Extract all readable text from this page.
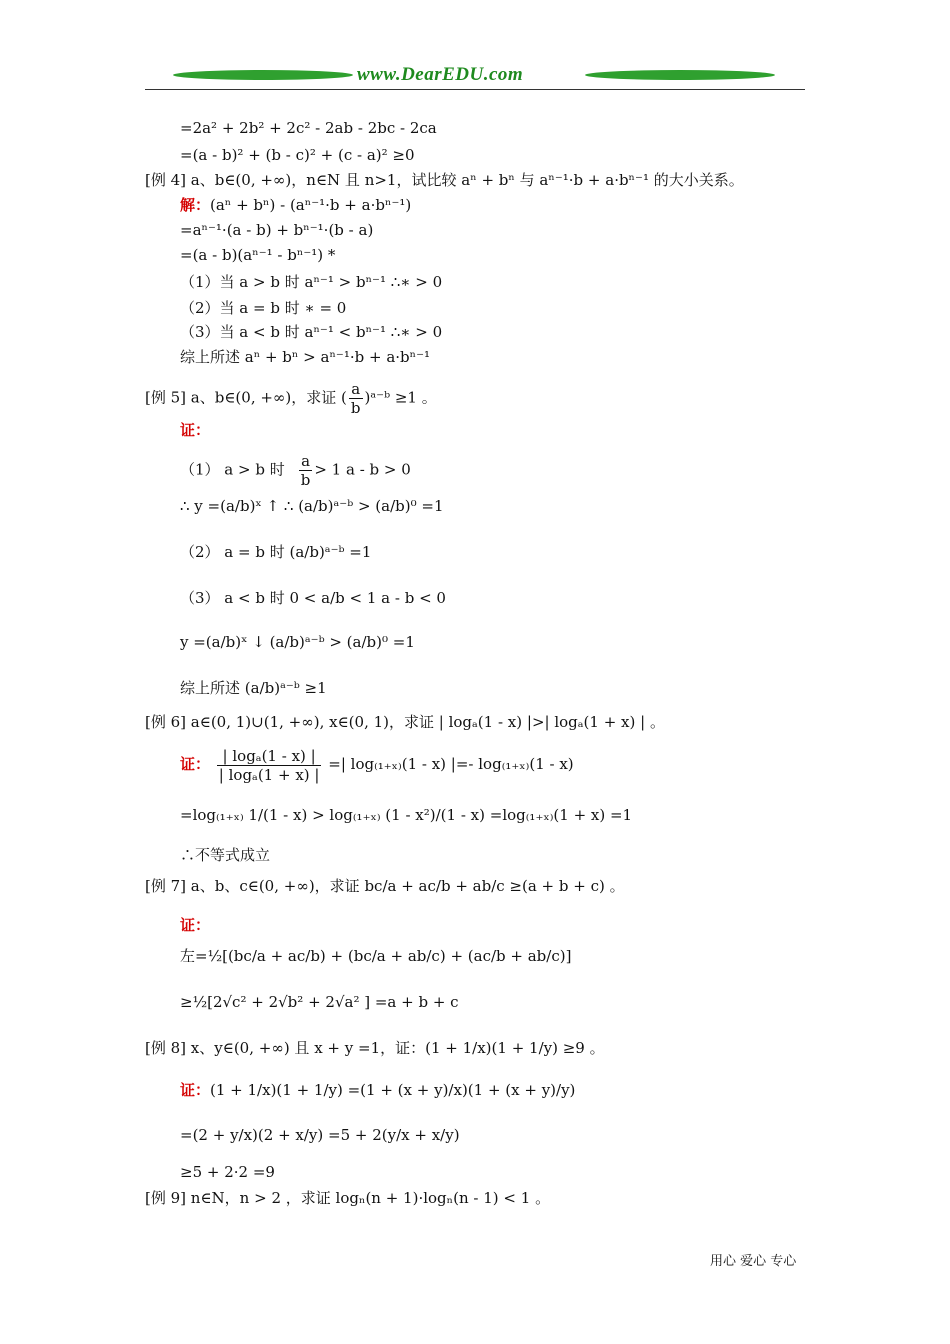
www.DearEDU.com
=2a² + 2b² + 2c² - 2ab - 2bc - 2ca
=(a - b)² + (b - c)² + (c - a)² ≥0
[例 4] a、b∈(0, +∞)，n∈N 且 n>1，试比较 aⁿ + bⁿ 与 aⁿ⁻¹·b + a·bⁿ⁻¹ 的大小关系。
解：(aⁿ + bⁿ) - (aⁿ⁻¹·b + a·bⁿ⁻¹)
=aⁿ⁻¹·(a - b) + bⁿ⁻¹·(b - a)
=(a - b)(aⁿ⁻¹ - bⁿ⁻¹) *
（1）当 a > b 时 aⁿ⁻¹ > bⁿ⁻¹ ∴∗ > 0
（2）当 a = b 时 ∗ = 0
（3）当 a < b 时 aⁿ⁻¹ < bⁿ⁻¹ ∴∗ > 0
综上所述 aⁿ + bⁿ > aⁿ⁻¹·b + a·bⁿ⁻¹
[例 5] a、b∈(0, +∞)，求证 ( $\frac{a}{b}$ )ᵃ⁻ᵇ ≥1 。
证：
（1） a > b 时 $\frac{a}{b} > 1$ a - b > 0
∴ y =(a/b)ˣ ↑ ∴ (a/b)ᵃ⁻ᵇ > (a/b)⁰ =1
（2） a = b 时 (a/b)ᵃ⁻ᵇ =1
（3） a < b 时 0 < a/b < 1 a - b < 0
y =(a/b)ˣ ↓ (a/b)ᵃ⁻ᵇ > (a/b)⁰ =1
综上所述 (a/b)ᵃ⁻ᵇ ≥1
[例 6] a∈(0, 1)∪(1, +∞), x∈(0, 1)，求证 | logₐ(1 - x) |>| logₐ(1 + x) | 。
证： $\frac{\text{| logₐ(1 - x) |}}{\text{| logₐ(1 + x) |}}$ =| log₍₁₊ₓ₎(1 - x) |=- log₍₁₊ₓ₎(1 - x)
=log₍₁₊ₓ₎ 1/(1 - x) > log₍₁₊ₓ₎ (1 - x²)/(1 - x) =log₍₁₊ₓ₎(1 + x) =1
∴不等式成立
[例 7] a、b、c∈(0, +∞)，求证 bc/a + ac/b + ab/c ≥(a + b + c) 。
证：
左=½[(bc/a + ac/b) + (bc/a + ab/c) + (ac/b + ab/c)]
≥½[2√c² + 2√b² + 2√a² ] =a + b + c
[例 8] x、y∈(0, +∞) 且 x + y =1，证：(1 + 1/x)(1 + 1/y) ≥9 。
证：(1 + 1/x)(1 + 1/y) =(1 + (x + y)/x)(1 + (x + y)/y)
=(2 + y/x)(2 + x/y) =5 + 2(y/x + x/y)
≥5 + 2·2 =9
[例 9] n∈N，n > 2 ，求证 logₙ(n + 1)·logₙ(n - 1) < 1 。
用心 爱心 专心
